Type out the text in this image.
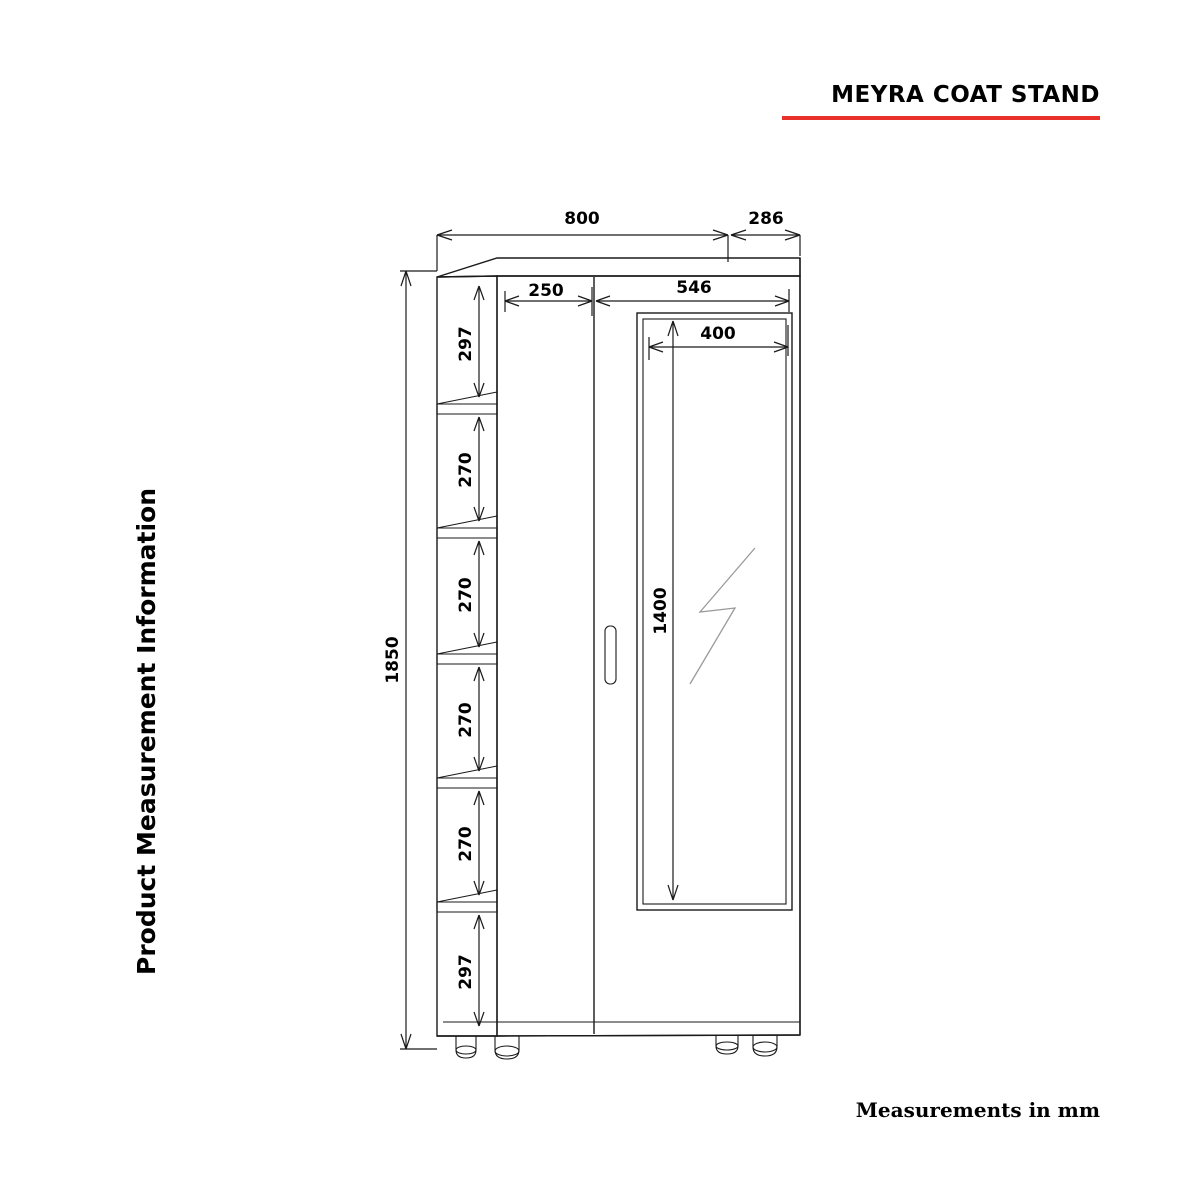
MEYRA COAT STAND
Product Measurement Information
Measurements in mm
800	286
250	546
400
1400
1850
297
270
270
270
270
297
